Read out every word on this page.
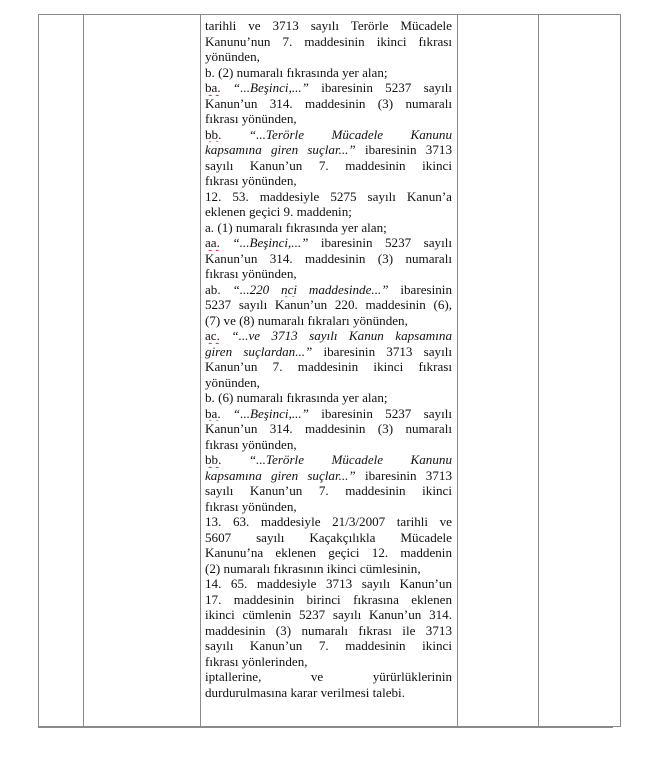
tarihli ve 3713 sayılı Terörle Mücadele
Kanunu’nun 7. maddesinin ikinci fıkrası
yönünden,
b. (2) numaralı fıkrasında yer alan;
ba. “...Beşinci,...” ibaresinin 5237 sayılı
Kanun’un 314. maddesinin (3) numaralı
fıkrası yönünden,
bb. “...Terörle Mücadele Kanunu
kapsamına giren suçlar...” ibaresinin 3713
sayılı Kanun’un 7. maddesinin ikinci
fıkrası yönünden,
12. 53. maddesiyle 5275 sayılı Kanun’a
eklenen geçici 9. maddenin;
a. (1) numaralı fıkrasında yer alan;
aa. “...Beşinci,...” ibaresinin 5237 sayılı
Kanun’un 314. maddesinin (3) numaralı
fıkrası yönünden,
ab. “...220 nci maddesinde...” ibaresinin
5237 sayılı Kanun’un 220. maddesinin (6),
(7) ve (8) numaralı fıkraları yönünden,
ac. “...ve 3713 sayılı Kanun kapsamına
giren suçlardan...” ibaresinin 3713 sayılı
Kanun’un 7. maddesinin ikinci fıkrası
yönünden,
b. (6) numaralı fıkrasında yer alan;
ba. “...Beşinci,...” ibaresinin 5237 sayılı
Kanun’un 314. maddesinin (3) numaralı
fıkrası yönünden,
bb. “...Terörle Mücadele Kanunu
kapsamına giren suçlar...” ibaresinin 3713
sayılı Kanun’un 7. maddesinin ikinci
fıkrası yönünden,
13. 63. maddesiyle 21/3/2007 tarihli ve
5607 sayılı Kaçakçılıkla Mücadele
Kanunu’na eklenen geçici 12. maddenin
(2) numaralı fıkrasının ikinci cümlesinin,
14. 65. maddesiyle 3713 sayılı Kanun’un
17. maddesinin birinci fıkrasına eklenen
ikinci cümlenin 5237 sayılı Kanun’un 314.
maddesinin (3) numaralı fıkrası ile 3713
sayılı Kanun’un 7. maddesinin ikinci
fıkrası yönlerinden,
iptallerine, ve yürürlüklerinin
durdurulmasına karar verilmesi talebi.
